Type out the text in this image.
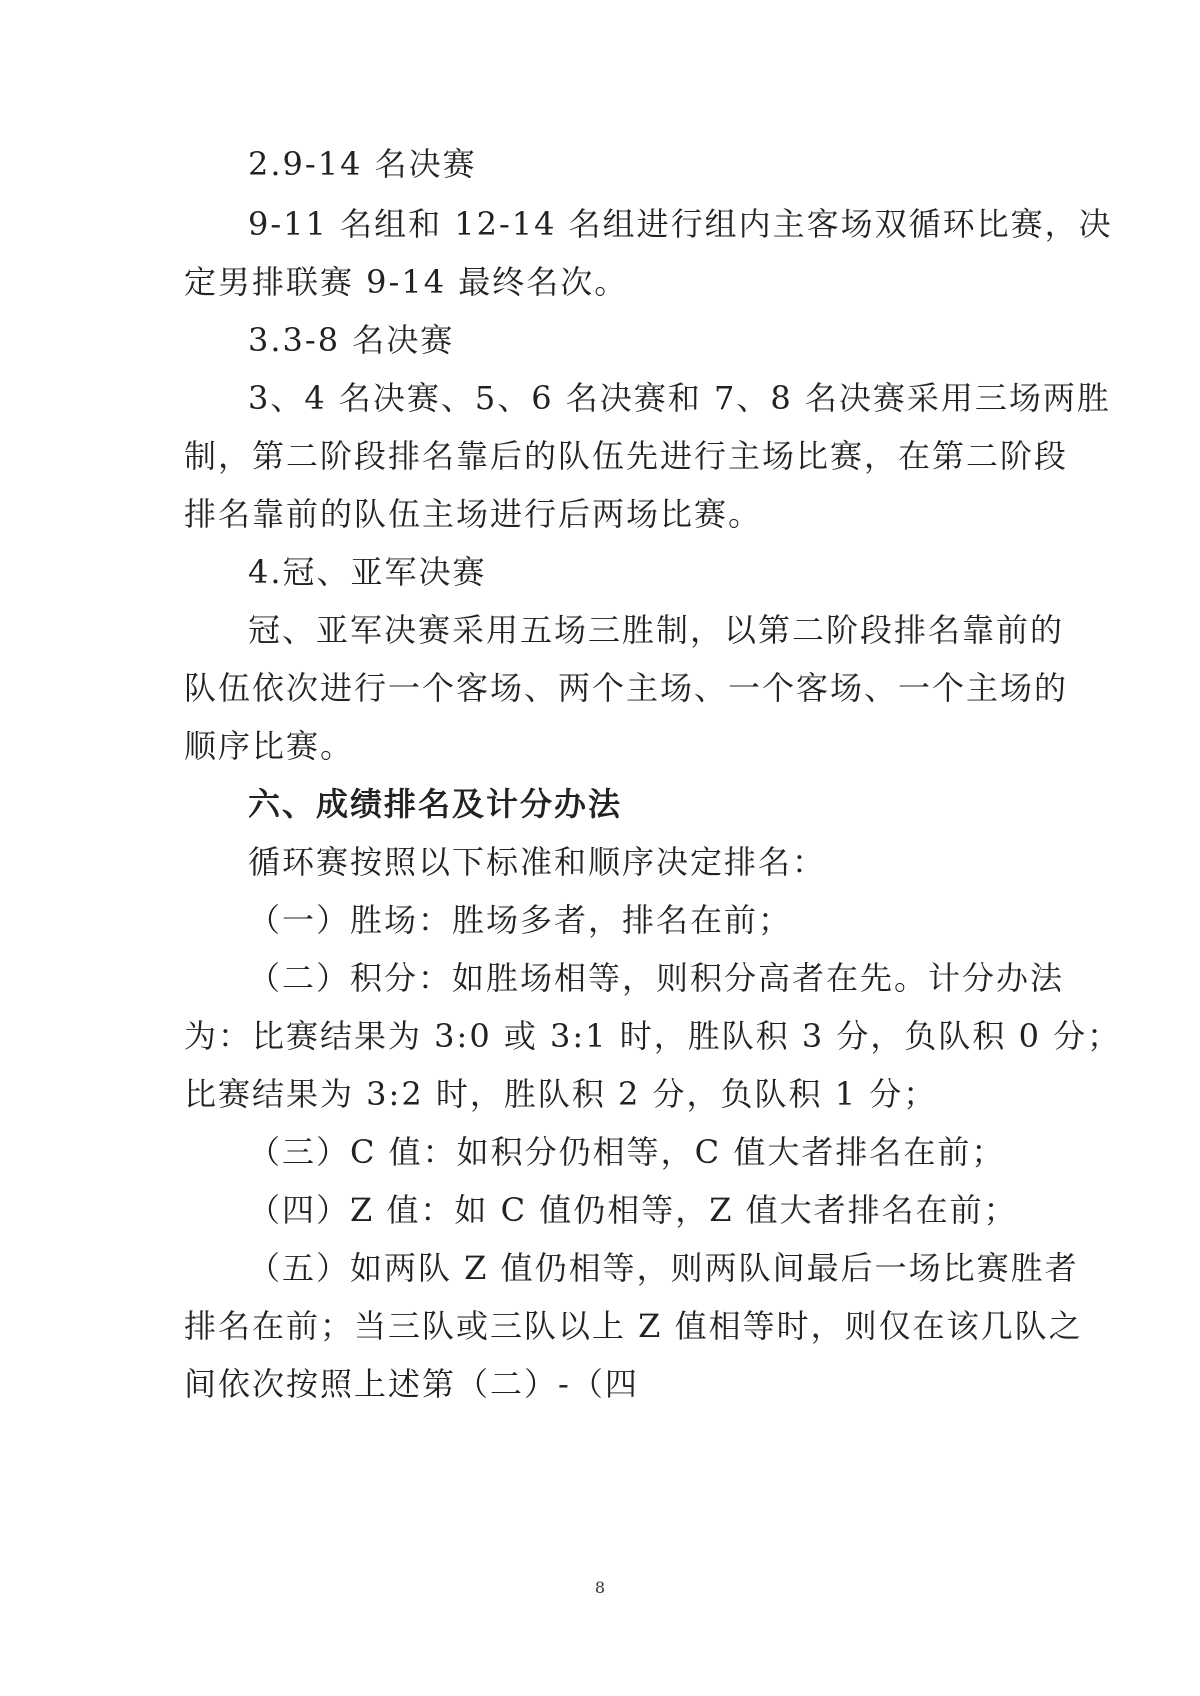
2.9-14 名决赛
9-11 名组和 12-14 名组进行组内主客场双循环比赛，决
定男排联赛 9-14 最终名次。
3.3-8 名决赛
3、4 名决赛、5、6 名决赛和 7、8 名决赛采用三场两胜
制，第二阶段排名靠后的队伍先进行主场比赛，在第二阶段
排名靠前的队伍主场进行后两场比赛。
4.冠、亚军决赛
冠、亚军决赛采用五场三胜制，以第二阶段排名靠前的
队伍依次进行一个客场、两个主场、一个客场、一个主场的
顺序比赛。
六、成绩排名及计分办法
循环赛按照以下标准和顺序决定排名：
（一）胜场：胜场多者，排名在前；
（二）积分：如胜场相等，则积分高者在先。计分办法
为：比赛结果为 3:0 或 3:1 时，胜队积 3 分，负队积 0 分；
比赛结果为 3:2 时，胜队积 2 分，负队积 1 分；
（三）C 值：如积分仍相等，C 值大者排名在前；
（四）Z 值：如 C 值仍相等，Z 值大者排名在前；
（五）如两队 Z 值仍相等，则两队间最后一场比赛胜者
排名在前；当三队或三队以上 Z 值相等时，则仅在该几队之
间依次按照上述第（二）-（四
8
